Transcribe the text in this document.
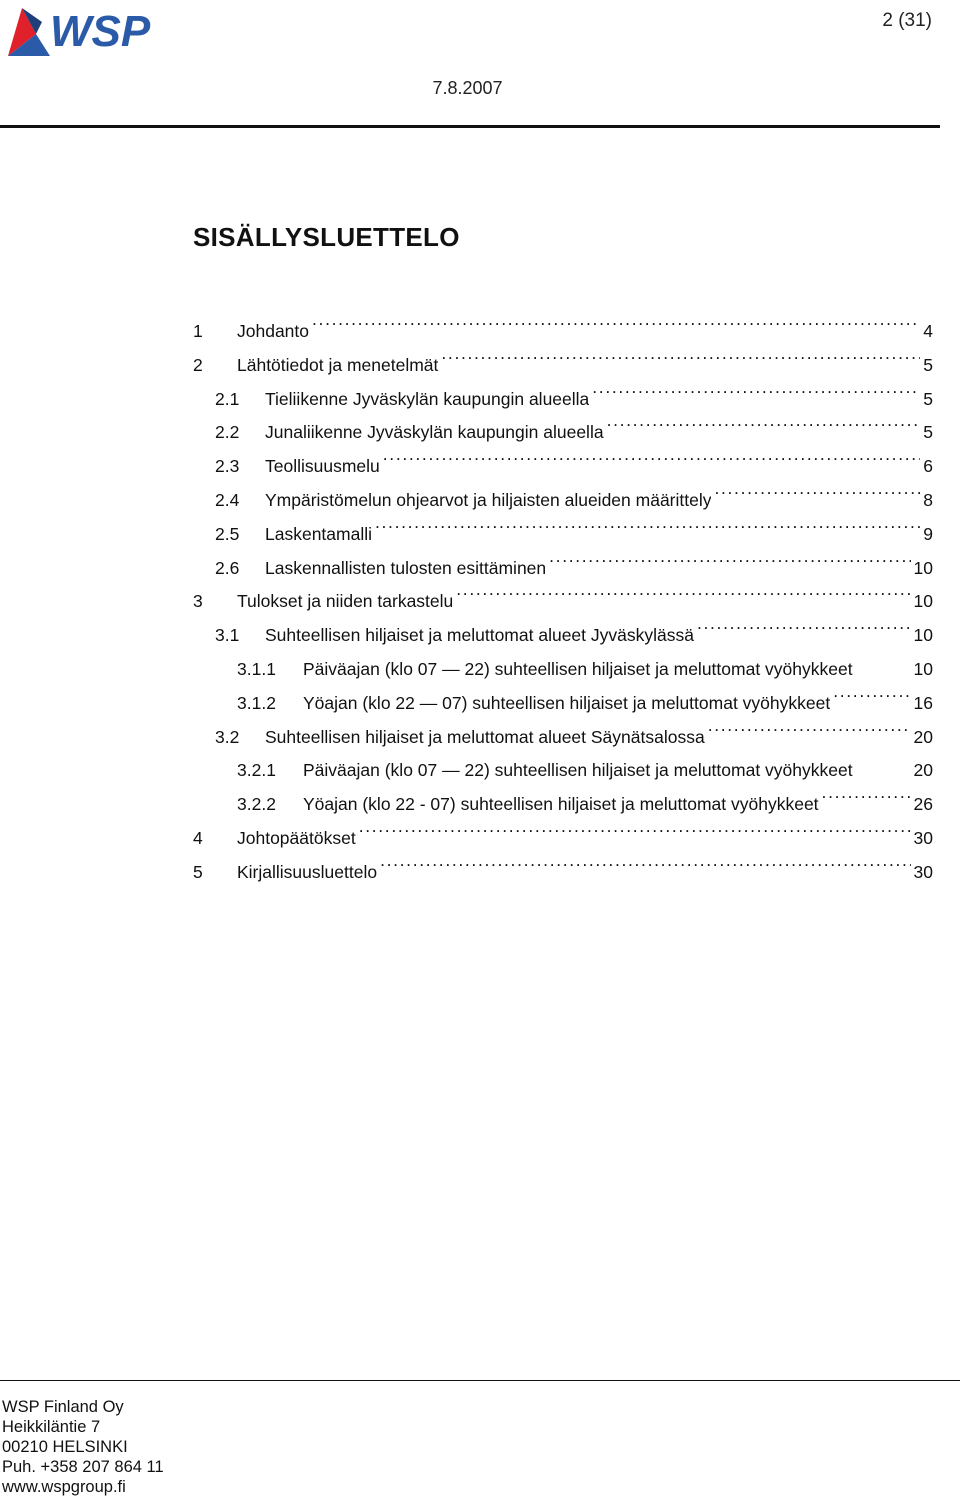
WSP	2 (31)
7.8.2007
SISÄLLYSLUETTELO
1	Johdanto . . .	4
2	Lähtötiedot ja menetelmät . . .	5
2.1	Tieliikenne Jyväskylän kaupungin alueella . . .	5
2.2	Junaliikenne Jyväskylän kaupungin alueella . . .	5
2.3	Teollisuusmelu . . .	6
2.4	Ympäristömelun ohjearvot ja hiljaisten alueiden määrittely . . .	8
2.5	Laskentamalli . . .	9
2.6	Laskennallisten tulosten esittäminen . . .	10
3	Tulokset ja niiden tarkastelu . . .	10
3.1	Suhteellisen hiljaiset ja meluttomat alueet Jyväskylässä . . .	10
3.1.1	Päiväajan (klo 07 — 22) suhteellisen hiljaiset ja meluttomat vyöhykkeet	10
3.1.2	Yöajan (klo 22 — 07) suhteellisen hiljaiset ja meluttomat vyöhykkeet . . .	16
3.2	Suhteellisen hiljaiset ja meluttomat alueet Säynätsalossa . . .	20
3.2.1	Päiväajan (klo 07 — 22) suhteellisen hiljaiset ja meluttomat vyöhykkeet	20
3.2.2	Yöajan (klo 22 - 07) suhteellisen hiljaiset ja meluttomat vyöhykkeet . . .	26
4	Johtopäätökset . . .	30
5	Kirjallisuusluettelo . . .	30
WSP Finland Oy
Heikkiläntie 7
00210 HELSINKI
Puh. +358 207 864 11
www.wspgroup.fi
